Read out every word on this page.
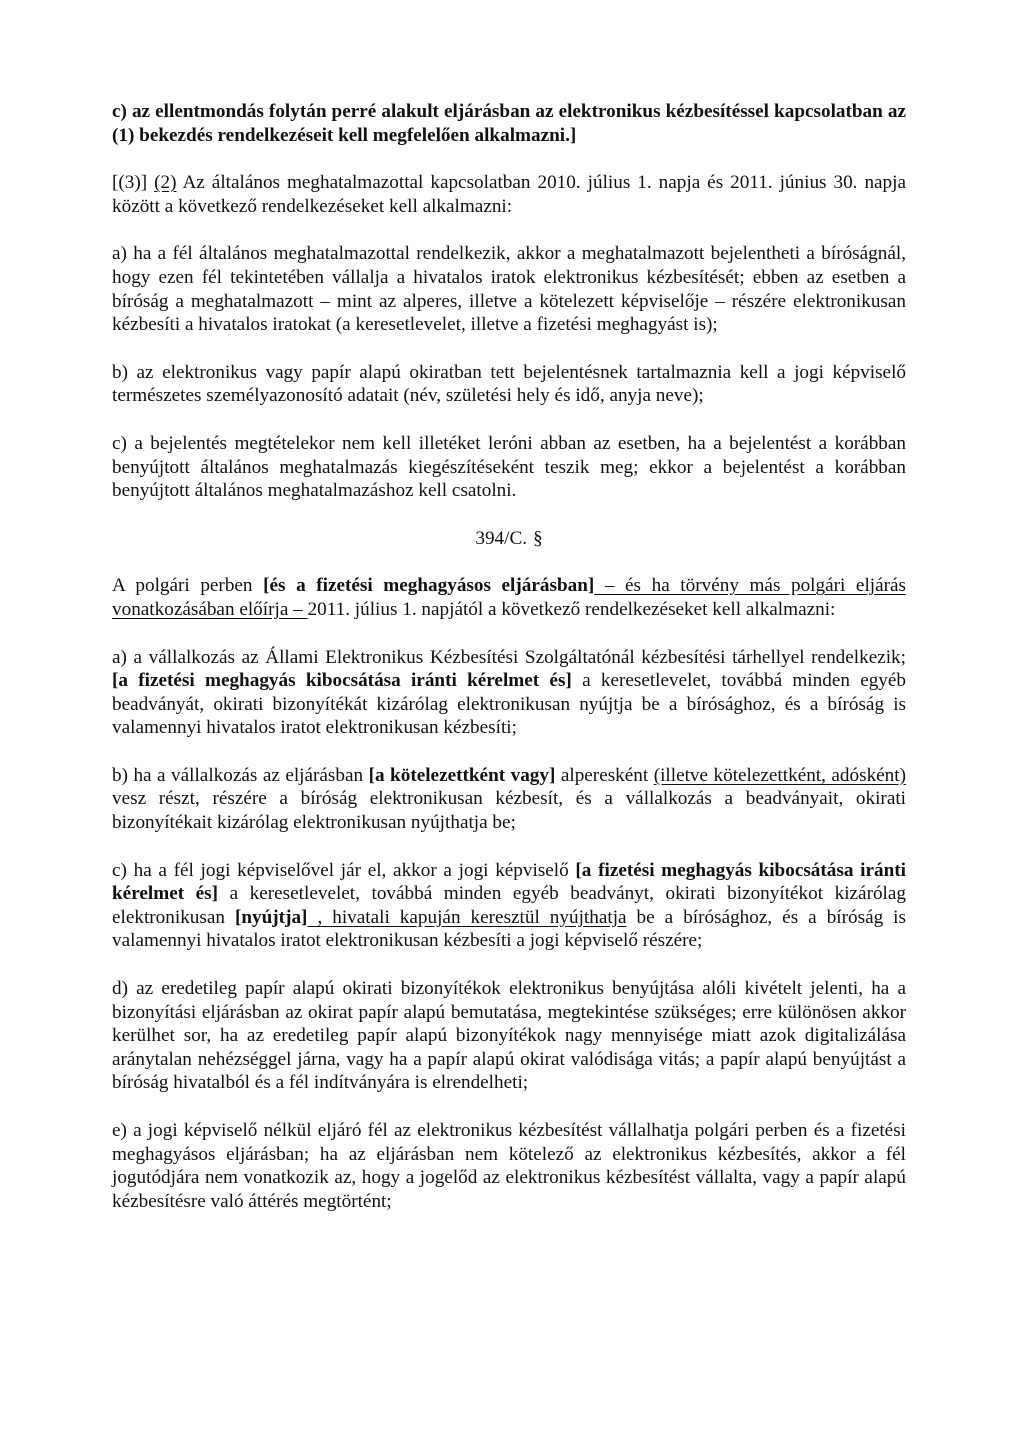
c) az ellentmondás folytán perré alakult eljárásban az elektronikus kézbesítéssel kapcsolatban az (1) bekezdés rendelkezéseit kell megfelelően alkalmazni.]

[(3)] (2) Az általános meghatalmazottal kapcsolatban 2010. július 1. napja és 2011. június 30. napja között a következő rendelkezéseket kell alkalmazni:

a) ha a fél általános meghatalmazottal rendelkezik, akkor a meghatalmazott bejelentheti a bíróságnál, hogy ezen fél tekintetében vállalja a hivatalos iratok elektronikus kézbesítését; ebben az esetben a bíróság a meghatalmazott – mint az alperes, illetve a kötelezett képviselője – részére elektronikusan kézbesíti a hivatalos iratokat (a keresetlevelet, illetve a fizetési meghagyást is);

b) az elektronikus vagy papír alapú okiratban tett bejelentésnek tartalmaznia kell a jogi képviselő természetes személyazonosító adatait (név, születési hely és idő, anyja neve);

c) a bejelentés megtételekor nem kell illetéket leróni abban az esetben, ha a bejelentést a korábban benyújtott általános meghatalmazás kiegészítéseként teszik meg; ekkor a bejelentést a korábban benyújtott általános meghatalmazáshoz kell csatolni.

394/C. §

A polgári perben [és a fizetési meghagyásos eljárásban] – és ha törvény más polgári eljárás vonatkozásában előírja – 2011. július 1. napjától a következő rendelkezéseket kell alkalmazni:

a) a vállalkozás az Állami Elektronikus Kézbesítési Szolgáltatónál kézbesítési tárhellyel rendelkezik; [a fizetési meghagyás kibocsátása iránti kérelmet és] a keresetlevelet, továbbá minden egyéb beadványát, okirati bizonyítékát kizárólag elektronikusan nyújtja be a bírósághoz, és a bíróság is valamennyi hivatalos iratot elektronikusan kézbesíti;

b) ha a vállalkozás az eljárásban [a kötelezettként vagy] alperesként (illetve kötelezettként, adósként) vesz részt, részére a bíróság elektronikusan kézbesít, és a vállalkozás a beadványait, okirati bizonyítékait kizárólag elektronikusan nyújthatja be;

c) ha a fél jogi képviselővel jár el, akkor a jogi képviselő [a fizetési meghagyás kibocsátása iránti kérelmet és] a keresetlevelet, továbbá minden egyéb beadványt, okirati bizonyítékot kizárólag elektronikusan [nyújtja] , hivatali kapuján keresztül nyújthatja be a bírósághoz, és a bíróság is valamennyi hivatalos iratot elektronikusan kézbesíti a jogi képviselő részére;

d) az eredetileg papír alapú okirati bizonyítékok elektronikus benyújtása alóli kivételt jelenti, ha a bizonyítási eljárásban az okirat papír alapú bemutatása, megtekintése szükséges; erre különösen akkor kerülhet sor, ha az eredetileg papír alapú bizonyítékok nagy mennyisége miatt azok digitalizálása aránytalan nehézséggel járna, vagy ha a papír alapú okirat valódisága vitás; a papír alapú benyújtást a bíróság hivatalból és a fél indítványára is elrendelheti;

e) a jogi képviselő nélkül eljáró fél az elektronikus kézbesítést vállalhatja polgári perben és a fizetési meghagyásos eljárásban; ha az eljárásban nem kötelező az elektronikus kézbesítés, akkor a fél jogutódjára nem vonatkozik az, hogy a jogelőd az elektronikus kézbesítést vállalta, vagy a papír alapú kézbesítésre való áttérés megtörtént;
